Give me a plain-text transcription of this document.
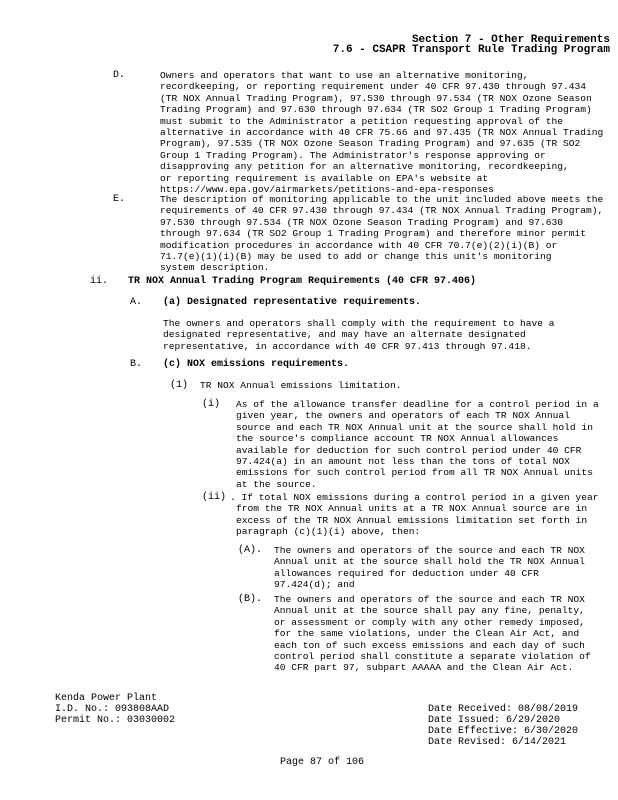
Section 7 - Other Requirements
7.6 - CSAPR Transport Rule Trading Program
D.	Owners and operators that want to use an alternative monitoring,
recordkeeping, or reporting requirement under 40 CFR 97.430 through 97.434
(TR NOX Annual Trading Program), 97.530 through 97.534 (TR NOX Ozone Season
Trading Program) and 97.630 through 97.634 (TR SO2 Group 1 Trading Program)
must submit to the Administrator a petition requesting approval of the
alternative in accordance with 40 CFR 75.66 and 97.435 (TR NOX Annual Trading
Program), 97.535 (TR NOX Ozone Season Trading Program) and 97.635 (TR SO2
Group 1 Trading Program). The Administrator's response approving or
disapproving any petition for an alternative monitoring, recordkeeping,
or reporting requirement is available on EPA's website at
https://www.epa.gov/airmarkets/petitions-and-epa-responses
E.	The description of monitoring applicable to the unit included above meets the
requirements of 40 CFR 97.430 through 97.434 (TR NOX Annual Trading Program),
97.530 through 97.534 (TR NOX Ozone Season Trading Program) and 97.630
through 97.634 (TR SO2 Group 1 Trading Program) and therefore minor permit
modification procedures in accordance with 40 CFR 70.7(e)(2)(i)(B) or
71.7(e)(1)(i)(B) may be used to add or change this unit's monitoring
system description.
ii. TR NOX Annual Trading Program Requirements (40 CFR 97.406)
A. (a) Designated representative requirements.
The owners and operators shall comply with the requirement to have a
designated representative, and may have an alternate designated
representative, in accordance with 40 CFR 97.413 through 97.418.
B. (c) NOX emissions requirements.
(1) TR NOX Annual emissions limitation.
(i) As of the allowance transfer deadline for a control period in a
given year, the owners and operators of each TR NOX Annual
source and each TR NOX Annual unit at the source shall hold in
the source's compliance account TR NOX Annual allowances
available for deduction for such control period under 40 CFR
97.424(a) in an amount not less than the tons of total NOX
emissions for such control period from all TR NOX Annual units
at the source.
(ii) . If total NOX emissions during a control period in a given year
from the TR NOX Annual units at a TR NOX Annual source are in
excess of the TR NOX Annual emissions limitation set forth in
paragraph (c)(1)(i) above, then:
(A). The owners and operators of the source and each TR NOX
Annual unit at the source shall hold the TR NOX Annual
allowances required for deduction under 40 CFR
97.424(d); and
(B). The owners and operators of the source and each TR NOX
Annual unit at the source shall pay any fine, penalty,
or assessment or comply with any other remedy imposed,
for the same violations, under the Clean Air Act, and
each ton of such excess emissions and each day of such
control period shall constitute a separate violation of
40 CFR part 97, subpart AAAAA and the Clean Air Act.
Kenda Power Plant
I.D. No.: 093808AAD
Permit No.: 03030002
Date Received: 08/08/2019
Date Issued: 6/29/2020
Date Effective: 6/30/2020
Date Revised: 6/14/2021
Page 87 of 106
